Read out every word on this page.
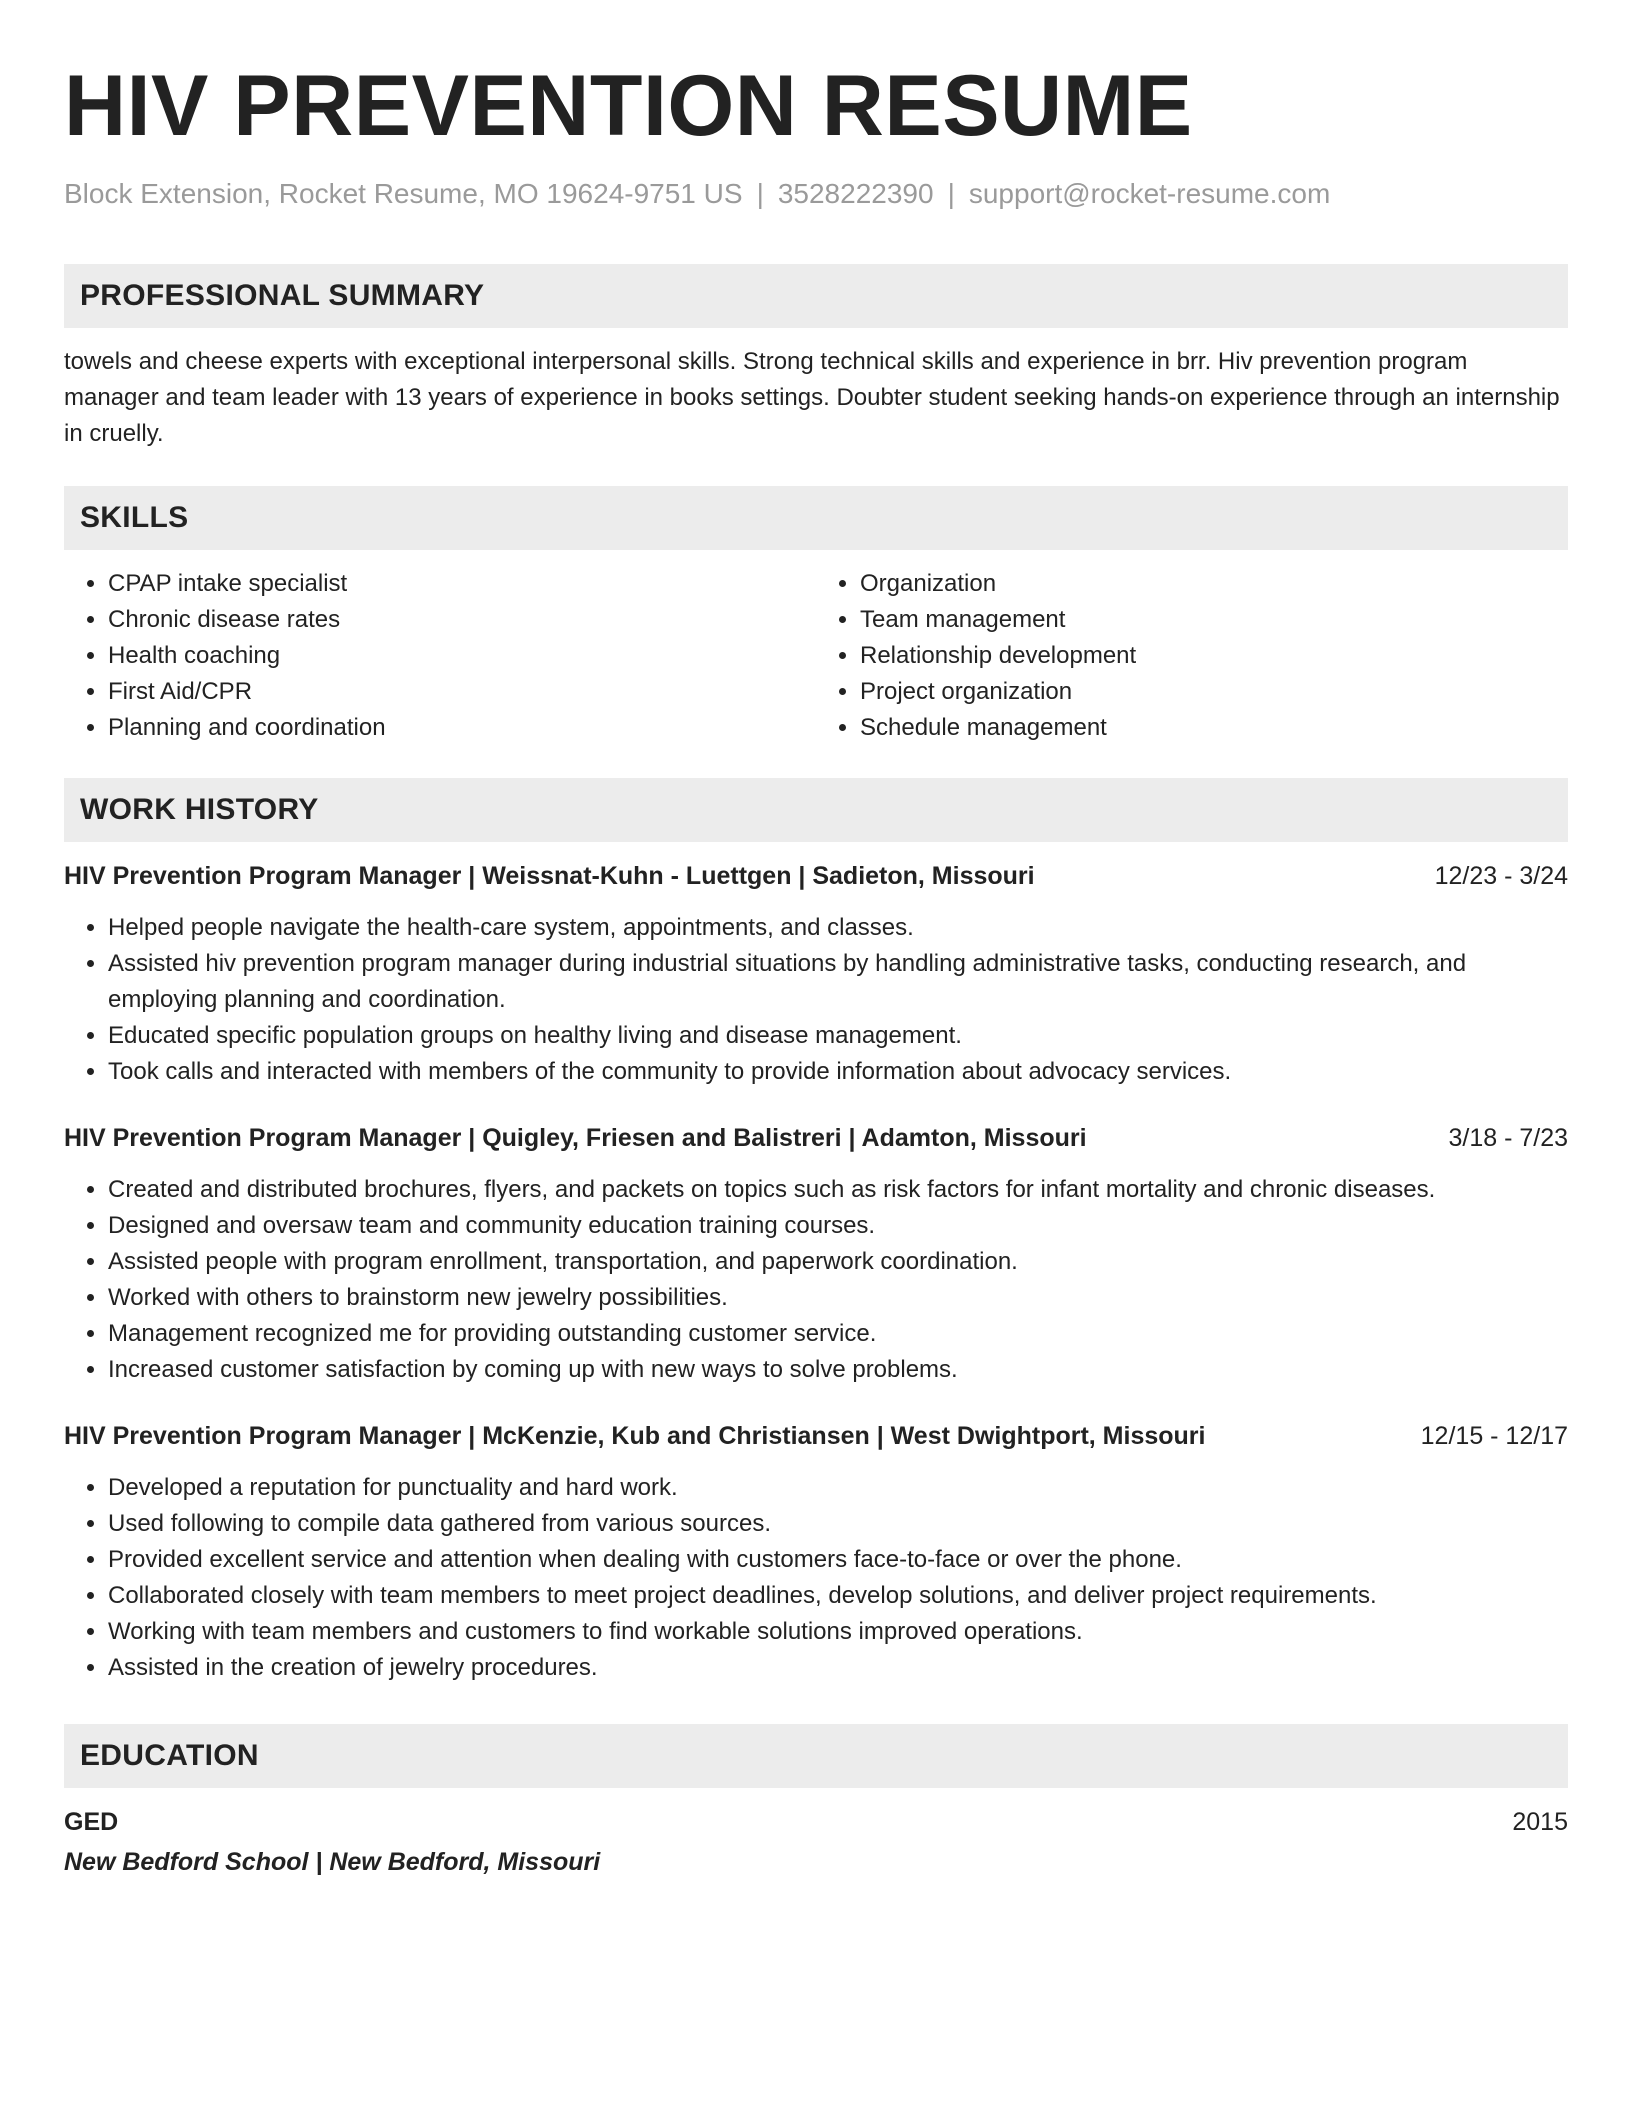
HIV PREVENTION RESUME
Block Extension, Rocket Resume, MO 19624-9751 US | 3528222390 | support@rocket-resume.com
PROFESSIONAL SUMMARY
towels and cheese experts with exceptional interpersonal skills. Strong technical skills and experience in brr. Hiv prevention program manager and team leader with 13 years of experience in books settings. Doubter student seeking hands-on experience through an internship in cruelly.
SKILLS
• CPAP intake specialist
• Chronic disease rates
• Health coaching
• First Aid/CPR
• Planning and coordination
• Organization
• Team management
• Relationship development
• Project organization
• Schedule management
WORK HISTORY
HIV Prevention Program Manager | Weissnat-Kuhn - Luettgen | Sadieton, Missouri	12/23 - 3/24
• Helped people navigate the health-care system, appointments, and classes.
• Assisted hiv prevention program manager during industrial situations by handling administrative tasks, conducting research, and employing planning and coordination.
• Educated specific population groups on healthy living and disease management.
• Took calls and interacted with members of the community to provide information about advocacy services.
HIV Prevention Program Manager | Quigley, Friesen and Balistreri | Adamton, Missouri	3/18 - 7/23
• Created and distributed brochures, flyers, and packets on topics such as risk factors for infant mortality and chronic diseases.
• Designed and oversaw team and community education training courses.
• Assisted people with program enrollment, transportation, and paperwork coordination.
• Worked with others to brainstorm new jewelry possibilities.
• Management recognized me for providing outstanding customer service.
• Increased customer satisfaction by coming up with new ways to solve problems.
HIV Prevention Program Manager | McKenzie, Kub and Christiansen | West Dwightport, Missouri	12/15 - 12/17
• Developed a reputation for punctuality and hard work.
• Used following to compile data gathered from various sources.
• Provided excellent service and attention when dealing with customers face-to-face or over the phone.
• Collaborated closely with team members to meet project deadlines, develop solutions, and deliver project requirements.
• Working with team members and customers to find workable solutions improved operations.
• Assisted in the creation of jewelry procedures.
EDUCATION
GED	2015
New Bedford School | New Bedford, Missouri
